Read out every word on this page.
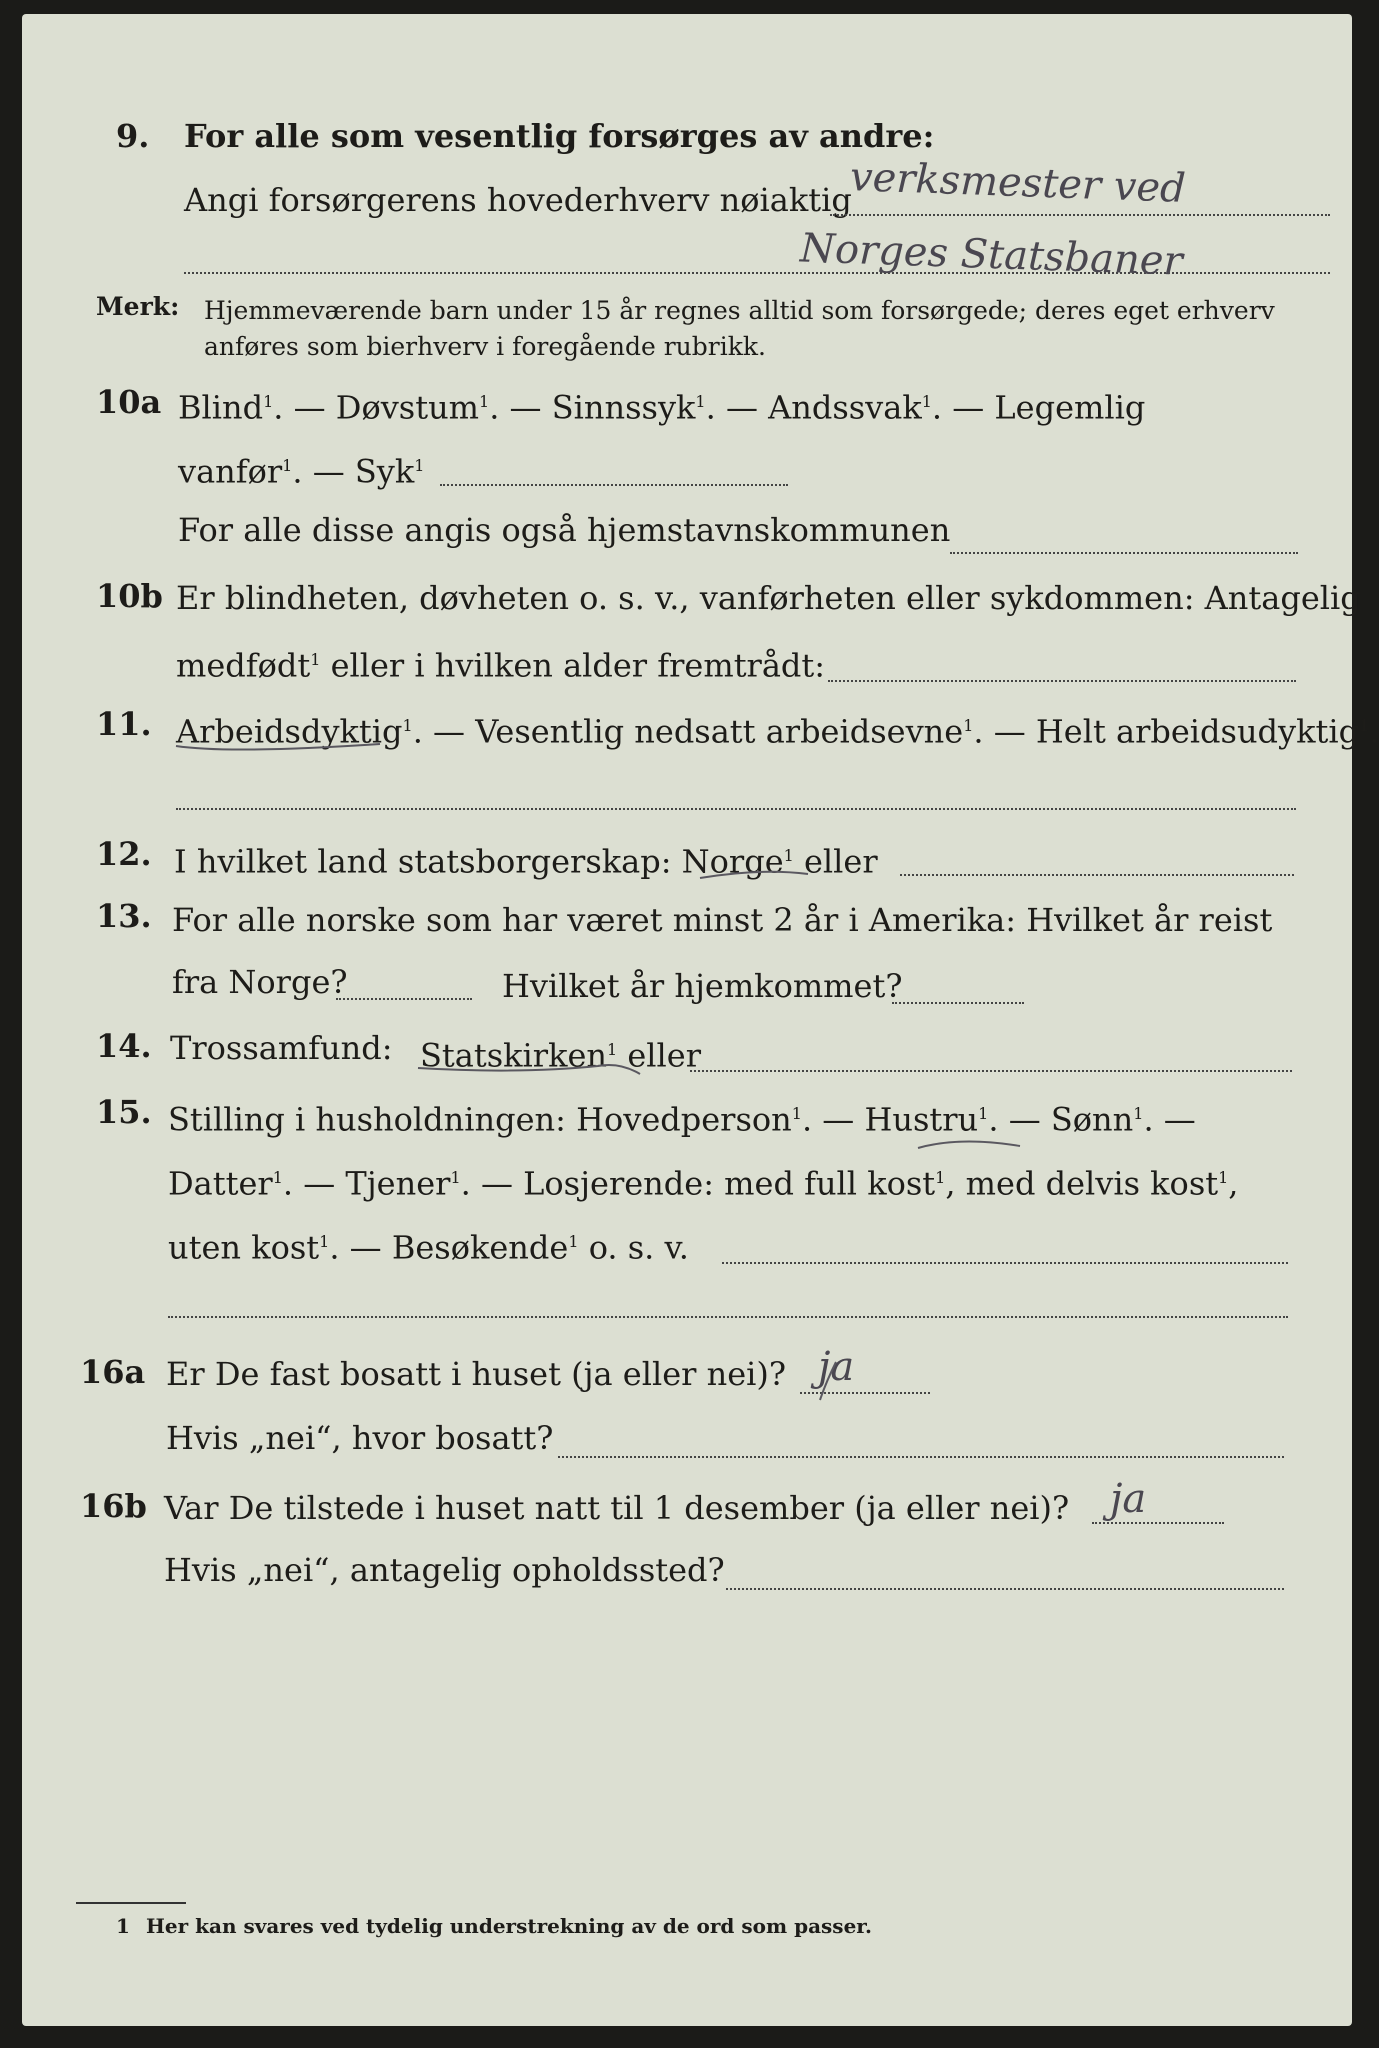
9. For alle som vesentlig forsørges av andre:
Angi forsørgerens hovederhverv nøiaktig
verksmester ved
Norges Statsbaner
Merk: Hjemmeværende barn under 15 år regnes alltid som forsørgede; deres eget erhverv
anføres som bierhverv i foregående rubrikk.
10a Blind$^1$. — Døvstum$^1$. — Sinnssyk$^1$. — Andssvak$^1$. — Legemlig
vanfør$^1$. — Syk$^1$
For alle disse angis også hjemstavnskommunen
10b Er blindheten, døvheten o. s. v., vanførheten eller sykdommen: Antagelig
medfødt$^1$ eller i hvilken alder fremtrådt:
11. Arbeidsdyktig$^1$. — Vesentlig nedsatt arbeidsevne$^1$. — Helt arbeidsudyktig$^1$.
12. I hvilket land statsborgerskap: Norge$^1$ eller
13. For alle norske som har været minst 2 år i Amerika: Hvilket år reist
fra Norge?	Hvilket år hjemkommet?
14. Trossamfund: Statskirken$^1$ eller
15. Stilling i husholdningen: Hovedperson$^1$. — Hustru$^1$. — Sønn$^1$. —
Datter$^1$. — Tjener$^1$. — Losjerende: med full kost$^1$, med delvis kost$^1$,
uten kost$^1$. — Besøkende$^1$ o. s. v.
16a Er De fast bosatt i huset (ja eller nei)? ja
Hvis „nei“, hvor bosatt?
16b Var De tilstede i huset natt til 1 desember (ja eller nei)? ja
Hvis „nei“, antagelig opholdssted?
1 Her kan svares ved tydelig understrekning av de ord som passer.
